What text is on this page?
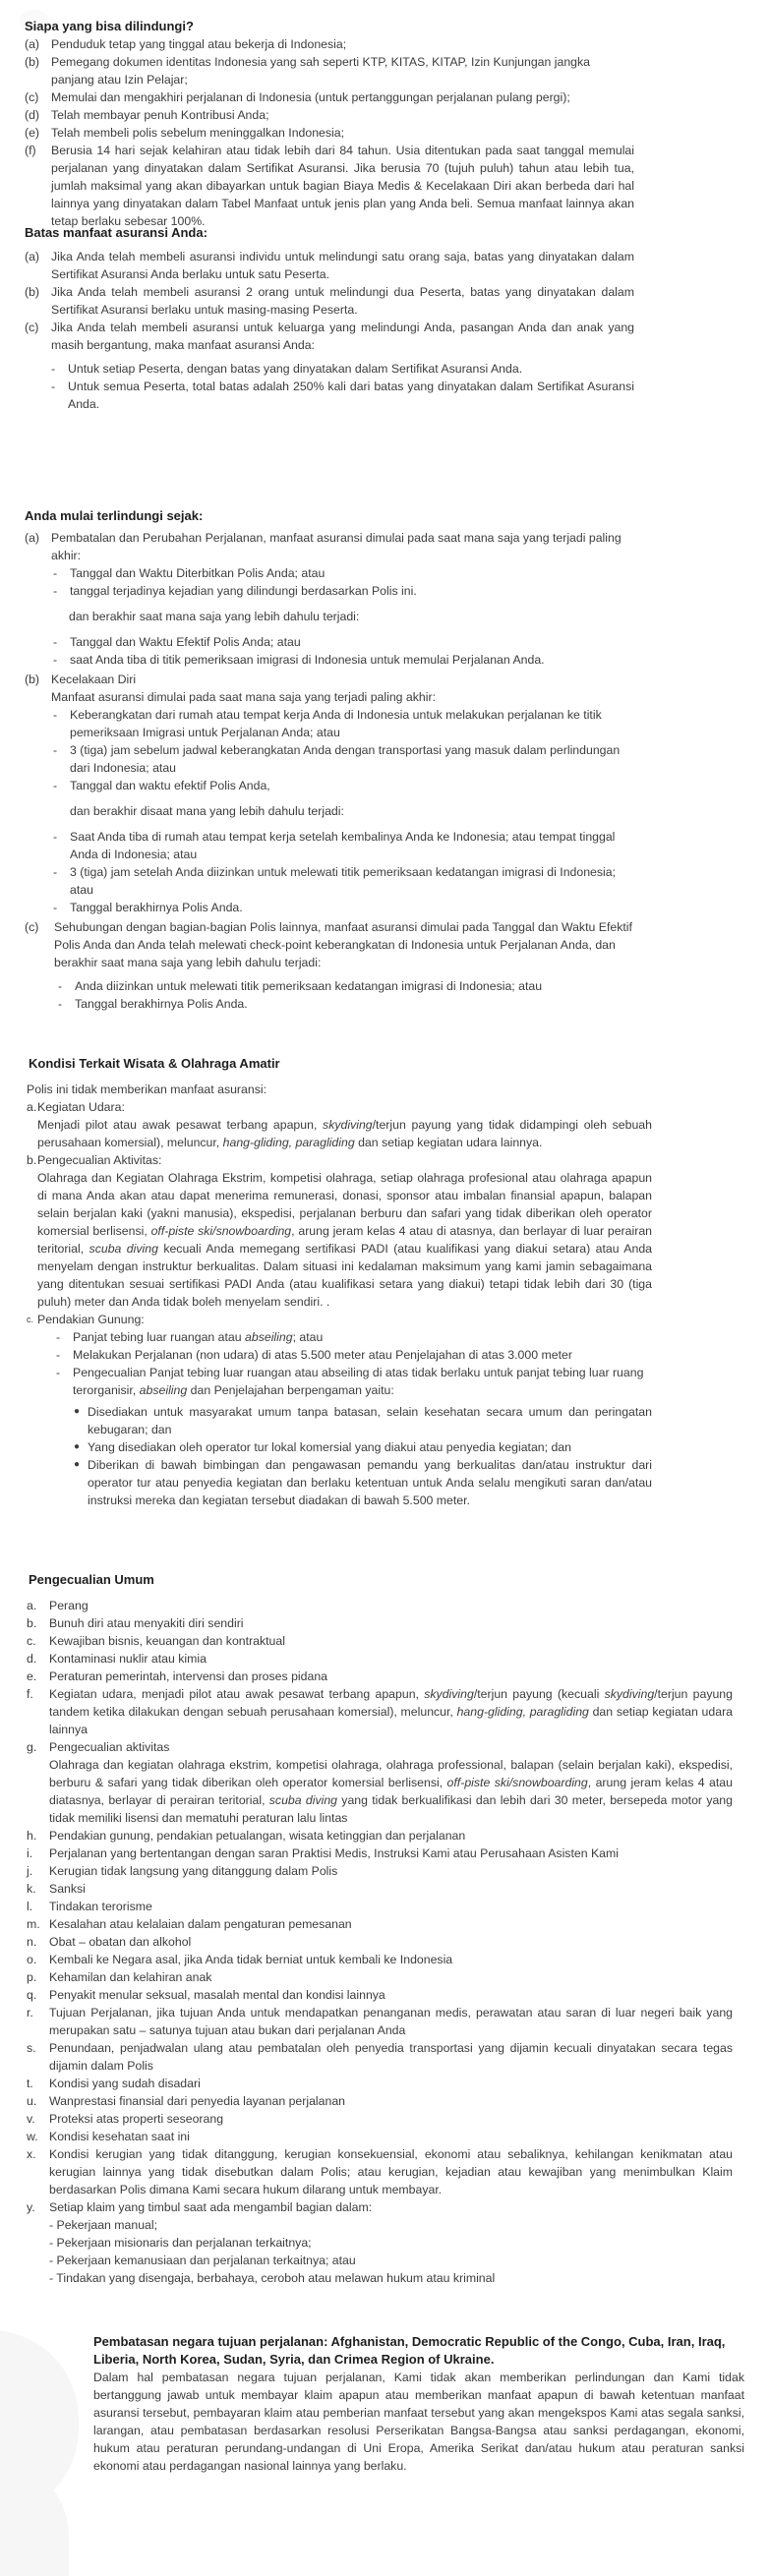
Siapa yang bisa dilindungi?
(a) Penduduk tetap yang tinggal atau bekerja di Indonesia;
(b) Pemegang dokumen identitas Indonesia yang sah seperti KTP, KITAS, KITAP, Izin Kunjungan jangka panjang atau Izin Pelajar;
(c)	Memulai dan mengakhiri perjalanan di Indonesia (untuk pertanggungan perjalanan pulang pergi);
(d) Telah membayar penuh Kontribusi Anda;
(e) Telah membeli polis sebelum meninggalkan Indonesia;
(f)	Berusia 14 hari sejak kelahiran atau tidak lebih dari 84 tahun. Usia ditentukan pada saat tanggal memulai perjalanan yang dinyatakan dalam Sertifikat Asuransi. Jika berusia 70 (tujuh puluh) tahun atau lebih tua, jumlah maksimal yang akan dibayarkan untuk bagian Biaya Medis & Kecelakaan Diri akan berbeda dari hal lainnya yang dinyatakan dalam Tabel Manfaat untuk jenis plan yang Anda beli. Semua manfaat lainnya akan tetap berlaku sebesar 100%.
Batas manfaat asuransi Anda:
(a) Jika Anda telah membeli asuransi individu untuk melindungi satu orang saja, batas yang dinyatakan dalam Sertifikat Asuransi Anda berlaku untuk satu Peserta.
(b) Jika Anda telah membeli asuransi 2 orang untuk melindungi dua Peserta, batas yang dinyatakan dalam Sertifikat Asuransi berlaku untuk masing-masing Peserta.
(c)	Jika Anda telah membeli asuransi untuk keluarga yang melindungi Anda, pasangan Anda dan anak yang masih bergantung, maka manfaat asuransi Anda:
-	Untuk setiap Peserta, dengan batas yang dinyatakan dalam Sertifikat Asuransi Anda.
-	Untuk semua Peserta, total batas adalah 250% kali dari batas yang dinyatakan dalam Sertifikat Asuransi Anda.
Anda mulai terlindungi sejak:
(a) Pembatalan dan Perubahan Perjalanan, manfaat asuransi dimulai pada saat mana saja yang terjadi paling akhir:
-	Tanggal dan Waktu Diterbitkan Polis Anda; atau
-	tanggal terjadinya kejadian yang dilindungi berdasarkan Polis ini.
dan berakhir saat mana saja yang lebih dahulu terjadi:
-	Tanggal dan Waktu Efektif Polis Anda; atau
-	saat Anda tiba di titik pemeriksaan imigrasi di Indonesia untuk memulai Perjalanan Anda.
(b) Kecelakaan Diri
Manfaat asuransi dimulai pada saat mana saja yang terjadi paling akhir:
-	Keberangkatan dari rumah atau tempat kerja Anda di Indonesia untuk melakukan perjalanan ke titik pemeriksaan Imigrasi untuk Perjalanan Anda; atau
-	3 (tiga) jam sebelum jadwal keberangkatan Anda dengan transportasi yang masuk dalam perlindungan dari Indonesia; atau
-	Tanggal dan waktu efektif Polis Anda,
dan berakhir disaat mana yang lebih dahulu terjadi:
-	Saat Anda tiba di rumah atau tempat kerja setelah kembalinya Anda ke Indonesia; atau tempat tinggal Anda di Indonesia; atau
-	3 (tiga) jam setelah Anda diizinkan untuk melewati titik pemeriksaan kedatangan imigrasi di Indonesia; atau
-	Tanggal berakhirnya Polis Anda.
(c)	Sehubungan dengan bagian-bagian Polis lainnya, manfaat asuransi dimulai pada Tanggal dan Waktu Efektif Polis Anda dan Anda telah melewati check-point keberangkatan di Indonesia untuk Perjalanan Anda, dan berakhir saat mana saja yang lebih dahulu terjadi:
-	Anda diizinkan untuk melewati titik pemeriksaan kedatangan imigrasi di Indonesia; atau
-	Tanggal berakhirnya Polis Anda.
Kondisi Terkait Wisata & Olahraga Amatir
Polis ini tidak memberikan manfaat asuransi:
a. Kegiatan Udara:
Menjadi pilot atau awak pesawat terbang apapun, skydiving/terjun payung yang tidak didampingi oleh sebuah perusahaan komersial), meluncur, hang-gliding, paragliding dan setiap kegiatan udara lainnya.
b. Pengecualian Aktivitas:
Olahraga dan Kegiatan Olahraga Ekstrim, kompetisi olahraga, setiap olahraga profesional atau olahraga apapun di mana Anda akan atau dapat menerima remunerasi, donasi, sponsor atau imbalan finansial apapun, balapan selain berjalan kaki (yakni manusia), ekspedisi, perjalanan berburu dan safari yang tidak diberikan oleh operator komersial berlisensi, off-piste ski/snowboarding, arung jeram kelas 4 atau di atasnya, dan berlayar di luar perairan teritorial, scuba diving kecuali Anda memegang sertifikasi PADI (atau kualifikasi yang diakui setara) atau Anda menyelam dengan instruktur berkualitas. Dalam situasi ini kedalaman maksimum yang kami jamin sebagaimana yang ditentukan sesuai sertifikasi PADI Anda (atau kualifikasi setara yang diakui) tetapi tidak lebih dari 30 (tiga puluh) meter dan Anda tidak boleh menyelam sendiri. .
c. Pendakian Gunung:
-	Panjat tebing luar ruangan atau abseiling; atau
-	Melakukan Perjalanan (non udara) di atas 5.500 meter atau Penjelajahan di atas 3.000 meter
-	Pengecualian Panjat tebing luar ruangan atau abseiling di atas tidak berlaku untuk panjat tebing luar ruang terorganisir, abseiling dan Penjelajahan berpengaman yaitu:
● Disediakan untuk masyarakat umum tanpa batasan, selain kesehatan secara umum dan peringatan kebugaran; dan
● Yang disediakan oleh operator tur lokal komersial yang diakui atau penyedia kegiatan; dan
● Diberikan di bawah bimbingan dan pengawasan pemandu yang berkualitas dan/atau instruktur dari operator tur atau penyedia kegiatan dan berlaku ketentuan untuk Anda selalu mengikuti saran dan/atau instruksi mereka dan kegiatan tersebut diadakan di bawah 5.500 meter.
Pengecualian Umum
a.	Perang
b.	Bunuh diri atau menyakiti diri sendiri
c.	Kewajiban bisnis, keuangan dan kontraktual
d.	Kontaminasi nuklir atau kimia
e.	Peraturan pemerintah, intervensi dan proses pidana
f.	Kegiatan udara, menjadi pilot atau awak pesawat terbang apapun, skydiving/terjun payung (kecuali skydiving/terjun payung tandem ketika dilakukan dengan sebuah perusahaan komersial), meluncur, hang-gliding, paragliding dan setiap kegiatan udara lainnya
g.	Pengecualian aktivitas
Olahraga dan kegiatan olahraga ekstrim, kompetisi olahraga, olahraga professional, balapan (selain berjalan kaki), ekspedisi, berburu & safari yang tidak diberikan oleh operator komersial berlisensi, off-piste ski/snowboarding, arung jeram kelas 4 atau diatasnya, berlayar di perairan teritorial, scuba diving yang tidak berkualifikasi dan lebih dari 30 meter, bersepeda motor yang tidak memiliki lisensi dan mematuhi peraturan lalu lintas
h.	Pendakian gunung, pendakian petualangan, wisata ketinggian dan perjalanan
i.	Perjalanan yang bertentangan dengan saran Praktisi Medis, Instruksi Kami atau Perusahaan Asisten Kami
j.	Kerugian tidak langsung yang ditanggung dalam Polis
k.	Sanksi
l.	Tindakan terorisme
m. Kesalahan atau kelalaian dalam pengaturan pemesanan
n.	Obat – obatan dan alkohol
o.	Kembali ke Negara asal, jika Anda tidak berniat untuk kembali ke Indonesia
p.	Kehamilan dan kelahiran anak
q.	Penyakit menular seksual, masalah mental dan kondisi lainnya
r.	Tujuan Perjalanan, jika tujuan Anda untuk mendapatkan penanganan medis, perawatan atau saran di luar negeri baik yang merupakan satu – satunya tujuan atau bukan dari perjalanan Anda
s.	Penundaan, penjadwalan ulang atau pembatalan oleh penyedia transportasi yang dijamin kecuali dinyatakan secara tegas dijamin dalam Polis
t.	Kondisi yang sudah disadari
u.	Wanprestasi finansial dari penyedia layanan perjalanan
v.	Proteksi atas properti seseorang
w. Kondisi kesehatan saat ini
x.	Kondisi kerugian yang tidak ditanggung, kerugian konsekuensial, ekonomi atau sebaliknya, kehilangan kenikmatan atau kerugian lainnya yang tidak disebutkan dalam Polis; atau kerugian, kejadian atau kewajiban yang menimbulkan Klaim berdasarkan Polis dimana Kami secara hukum dilarang untuk membayar.
y.	Setiap klaim yang timbul saat ada mengambil bagian dalam:
- Pekerjaan manual;
- Pekerjaan misionaris dan perjalanan terkaitnya;
- Pekerjaan kemanusiaan dan perjalanan terkaitnya; atau
- Tindakan yang disengaja, berbahaya, ceroboh atau melawan hukum atau kriminal
Pembatasan negara tujuan perjalanan: Afghanistan, Democratic Republic of the Congo, Cuba, Iran, Iraq, Liberia, North Korea, Sudan, Syria, dan Crimea Region of Ukraine.
Dalam hal pembatasan negara tujuan perjalanan, Kami tidak akan memberikan perlindungan dan Kami tidak bertanggung jawab untuk membayar klaim apapun atau memberikan manfaat apapun di bawah ketentuan manfaat asuransi tersebut, pembayaran klaim atau pemberian manfaat tersebut yang akan mengekspos Kami atas segala sanksi, larangan, atau pembatasan berdasarkan resolusi Perserikatan Bangsa-Bangsa atau sanksi perdagangan, ekonomi, hukum atau peraturan perundang-undangan di Uni Eropa, Amerika Serikat dan/atau hukum atau peraturan sanksi ekonomi atau perdagangan nasional lainnya yang berlaku.
